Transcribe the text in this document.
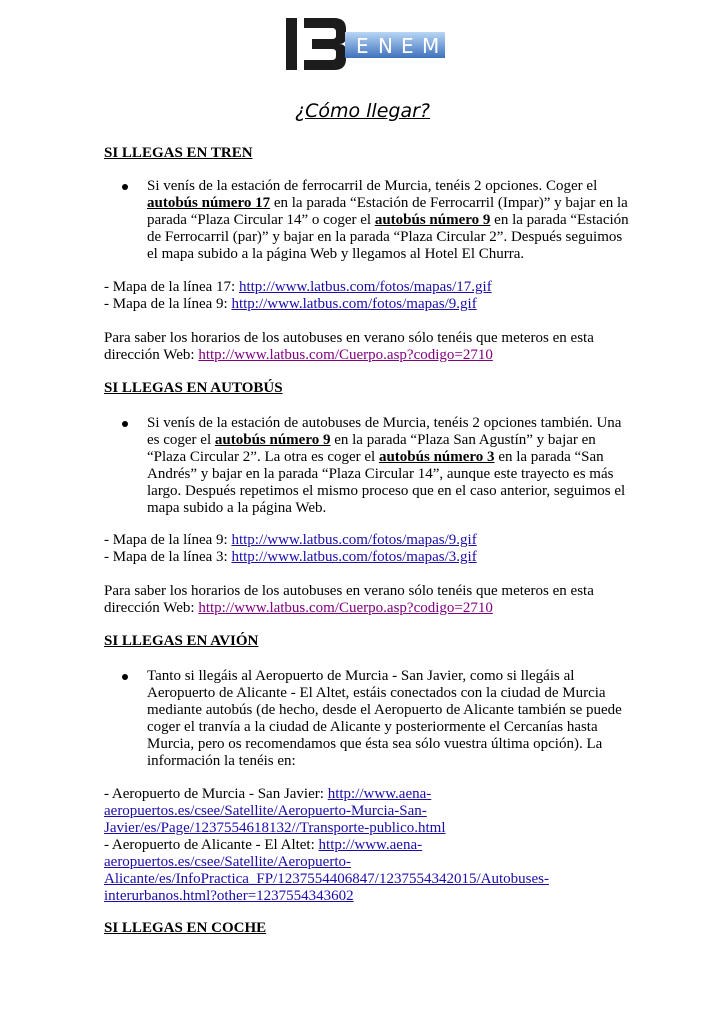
E N E M
¿Cómo llegar?
SI LLEGAS EN TREN
Si venís de la estación de ferrocarril de Murcia, tenéis 2 opciones. Coger el
autobús número 17 en la parada “Estación de Ferrocarril (Impar)” y bajar en la
parada “Plaza Circular 14” o coger el autobús número 9 en la parada “Estación
de Ferrocarril (par)” y bajar en la parada “Plaza Circular 2”. Después seguimos
el mapa subido a la página Web y llegamos al Hotel El Churra.
- Mapa de la línea 17: http://www.latbus.com/fotos/mapas/17.gif
- Mapa de la línea 9: http://www.latbus.com/fotos/mapas/9.gif
Para saber los horarios de los autobuses en verano sólo tenéis que meteros en esta
dirección Web: http://www.latbus.com/Cuerpo.asp?codigo=2710
SI LLEGAS EN AUTOBÚS
Si venís de la estación de autobuses de Murcia, tenéis 2 opciones también. Una
es coger el autobús número 9 en la parada “Plaza San Agustín” y bajar en
“Plaza Circular 2”. La otra es coger el autobús número 3 en la parada “San
Andrés” y bajar en la parada “Plaza Circular 14”, aunque este trayecto es más
largo. Después repetimos el mismo proceso que en el caso anterior, seguimos el
mapa subido a la página Web.
- Mapa de la línea 9: http://www.latbus.com/fotos/mapas/9.gif
- Mapa de la línea 3: http://www.latbus.com/fotos/mapas/3.gif
Para saber los horarios de los autobuses en verano sólo tenéis que meteros en esta
dirección Web: http://www.latbus.com/Cuerpo.asp?codigo=2710
SI LLEGAS EN AVIÓN
Tanto si llegáis al Aeropuerto de Murcia - San Javier, como si llegáis al
Aeropuerto de Alicante - El Altet, estáis conectados con la ciudad de Murcia
mediante autobús (de hecho, desde el Aeropuerto de Alicante también se puede
coger el tranvía a la ciudad de Alicante y posteriormente el Cercanías hasta
Murcia, pero os recomendamos que ésta sea sólo vuestra última opción). La
información la tenéis en:
- Aeropuerto de Murcia - San Javier: http://www.aena-
aeropuertos.es/csee/Satellite/Aeropuerto-Murcia-San-
Javier/es/Page/1237554618132//Transporte-publico.html
- Aeropuerto de Alicante - El Altet: http://www.aena-
aeropuertos.es/csee/Satellite/Aeropuerto-
Alicante/es/InfoPractica_FP/1237554406847/1237554342015/Autobuses-
interurbanos.html?other=1237554343602
SI LLEGAS EN COCHE
